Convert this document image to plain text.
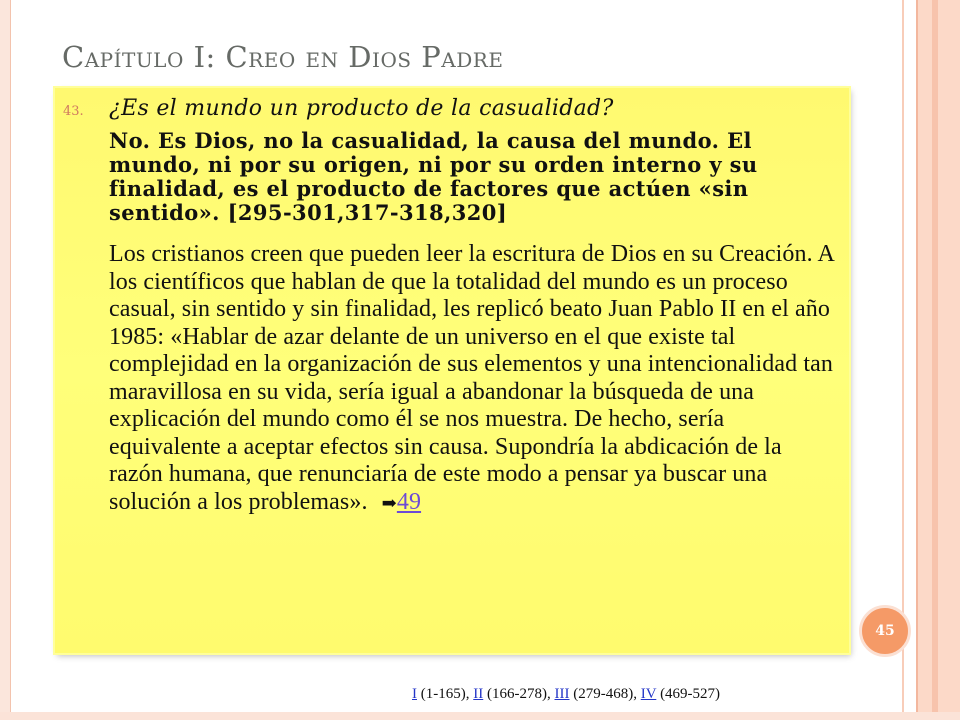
Capítulo I: Creo en Dios Padre
43.	¿Es el mundo un producto de la casualidad?
No. Es Dios, no la casualidad, la causa del mundo. El mundo, ni por su origen, ni por su orden interno y su finalidad, es el producto de factores que actúen «sin sentido». [295-301,317-318,320]
Los cristianos creen que pueden leer la escritura de Dios en su Creación. A los científicos que hablan de que la totalidad del mundo es un proceso casual, sin sentido y sin finalidad, les replicó beato Juan Pablo II en el año 1985: «Hablar de azar delante de un universo en el que existe tal complejidad en la organización de sus elementos y una intencionalidad tan maravillosa en su vida, sería igual a abandonar la búsqueda de una explicación del mundo como él se nos muestra. De hecho, sería equivalente a aceptar efectos sin causa. Supondría la abdicación de la razón humana, que renunciaría de este modo a pensar ya buscar una solución a los problemas». ➡49
45
I (1-165), II (166-278), III (279-468), IV (469-527)
